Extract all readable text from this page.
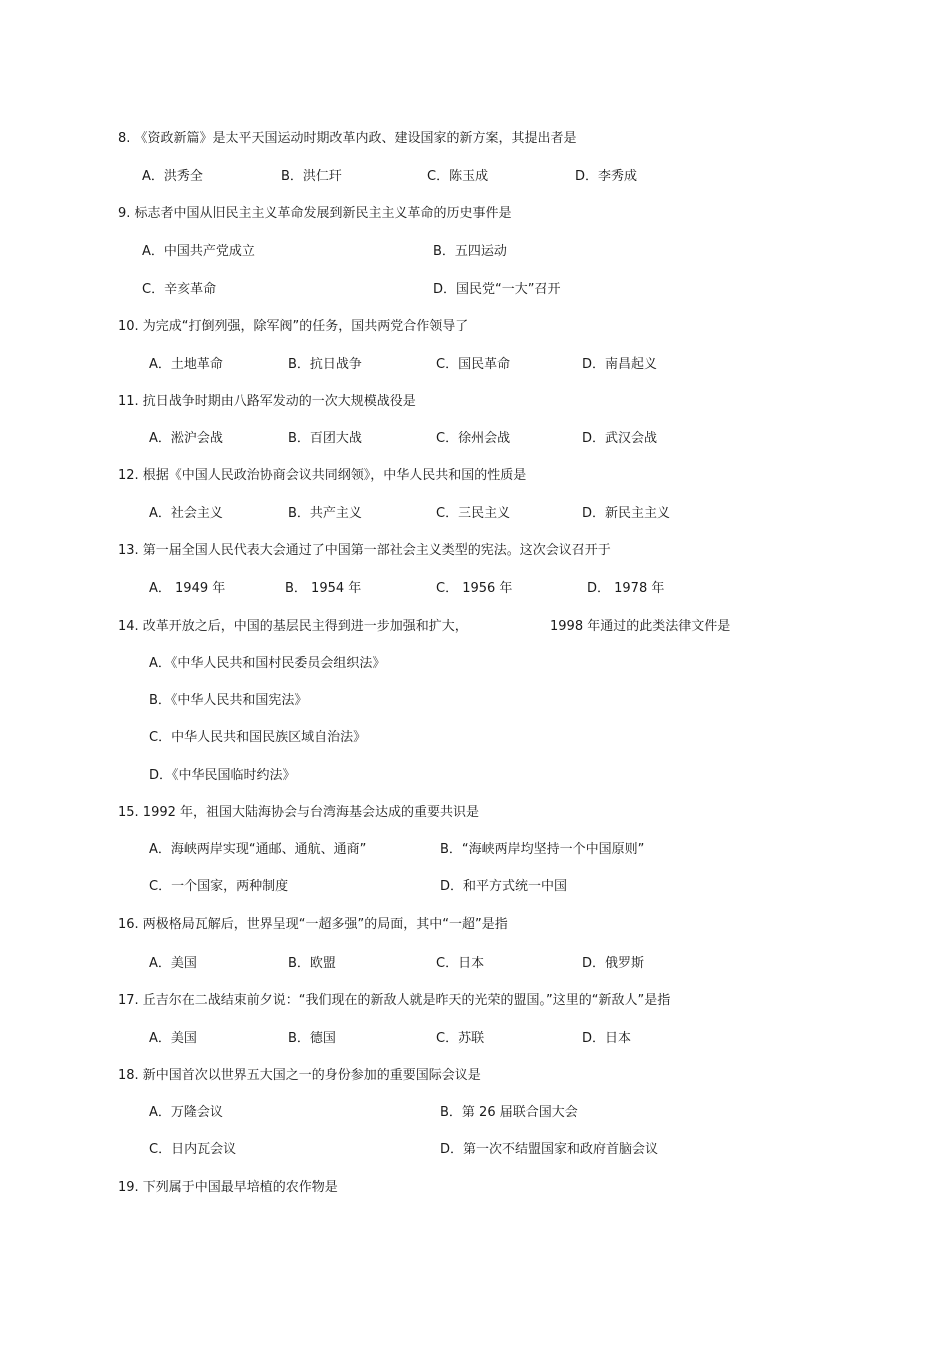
8. 《资政新篇》是太平天国运动时期改革内政、建设国家的新方案，其提出者是
A．洪秀全	B．洪仁玕	C．陈玉成	D．李秀成
9. 标志者中国从旧民主主义革命发展到新民主主义革命的历史事件是
A．中国共产党成立	B．五四运动
C．辛亥革命	D．国民党“一大”召开
10. 为完成“打倒列强，除军阀”的任务，国共两党合作领导了
A．土地革命	B．抗日战争	C．国民革命	D．南昌起义
11. 抗日战争时期由八路军发动的一次大规模战役是
A．淞沪会战	B．百团大战	C．徐州会战	D．武汉会战
12. 根据《中国人民政治协商会议共同纲领》，中华人民共和国的性质是
A．社会主义	B．共产主义	C．三民主义	D．新民主主义
13. 第一届全国人民代表大会通过了中国第一部社会主义类型的宪法。这次会议召开于
A． 1949 年	B． 1954 年	C． 1956 年	D． 1978 年
14. 改革开放之后，中国的基层民主得到进一步加强和扩大，	1998 年通过的此类法律文件是
A．《中华人民共和国村民委员会组织法》
B．《中华人民共和国宪法》
C．中华人民共和国民族区域自治法》
D．《中华民国临时约法》
15. 1992 年，祖国大陆海协会与台湾海基会达成的重要共识是
A．海峡两岸实现“通邮、通航、通商”	B．“海峡两岸均坚持一个中国原则”
C．一个国家，两种制度	D．和平方式统一中国
16. 两极格局瓦解后，世界呈现“一超多强”的局面，其中“一超”是指
A．美国	B．欧盟	C．日本	D．俄罗斯
17. 丘吉尔在二战结束前夕说：“我们现在的新敌人就是昨天的光荣的盟国。”这里的“新敌人”是指
A．美国	B．德国	C．苏联	D．日本
18. 新中国首次以世界五大国之一的身份参加的重要国际会议是
A．万隆会议	B．第 26 届联合国大会
C．日内瓦会议	D．第一次不结盟国家和政府首脑会议
19. 下列属于中国最早培植的农作物是
